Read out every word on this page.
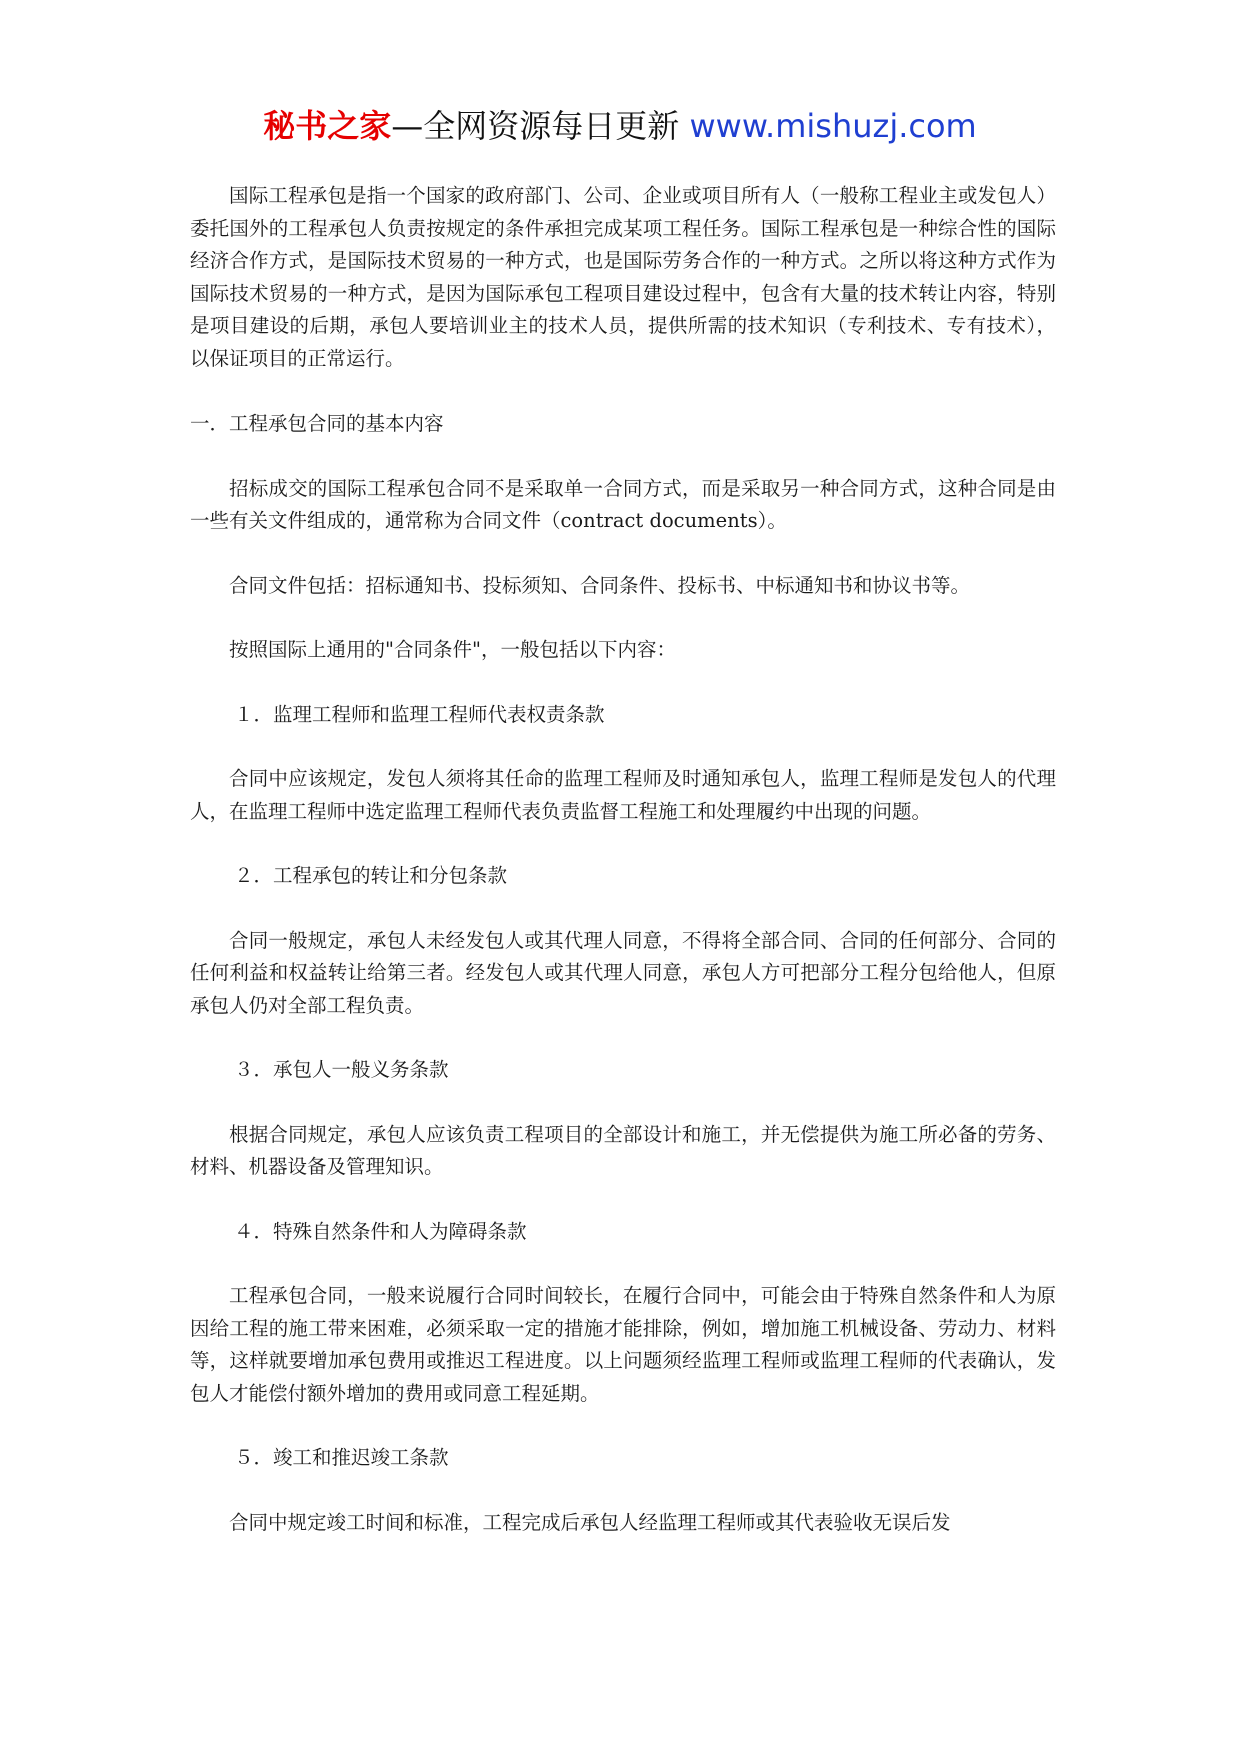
秘书之家—全网资源每日更新 www.mishuzj.com

国际工程承包是指一个国家的政府部门、公司、企业或项目所有人（一般称工程业主或发包人）委托国外的工程承包人负责按规定的条件承担完成某项工程任务。国际工程承包是一种综合性的国际经济合作方式，是国际技术贸易的一种方式，也是国际劳务合作的一种方式。之所以将这种方式作为国际技术贸易的一种方式，是因为国际承包工程项目建设过程中，包含有大量的技术转让内容，特别是项目建设的后期，承包人要培训业主的技术人员，提供所需的技术知识（专利技术、专有技术），以保证项目的正常运行。

一．工程承包合同的基本内容

招标成交的国际工程承包合同不是采取单一合同方式，而是采取另一种合同方式，这种合同是由一些有关文件组成的，通常称为合同文件（contract documents）。

合同文件包括：招标通知书、投标须知、合同条件、投标书、中标通知书和协议书等。

按照国际上通用的"合同条件"，一般包括以下内容：

１．监理工程师和监理工程师代表权责条款

合同中应该规定，发包人须将其任命的监理工程师及时通知承包人，监理工程师是发包人的代理人，在监理工程师中选定监理工程师代表负责监督工程施工和处理履约中出现的问题。

２．工程承包的转让和分包条款

合同一般规定，承包人未经发包人或其代理人同意，不得将全部合同、合同的任何部分、合同的任何利益和权益转让给第三者。经发包人或其代理人同意，承包人方可把部分工程分包给他人，但原承包人仍对全部工程负责。

３．承包人一般义务条款

根据合同规定，承包人应该负责工程项目的全部设计和施工，并无偿提供为施工所必备的劳务、材料、机器设备及管理知识。

４．特殊自然条件和人为障碍条款

工程承包合同，一般来说履行合同时间较长，在履行合同中，可能会由于特殊自然条件和人为原因给工程的施工带来困难，必须采取一定的措施才能排除，例如，增加施工机械设备、劳动力、材料等，这样就要增加承包费用或推迟工程进度。以上问题须经监理工程师或监理工程师的代表确认，发包人才能偿付额外增加的费用或同意工程延期。

５．竣工和推迟竣工条款

合同中规定竣工时间和标准，工程完成后承包人经监理工程师或其代表验收无误后发
